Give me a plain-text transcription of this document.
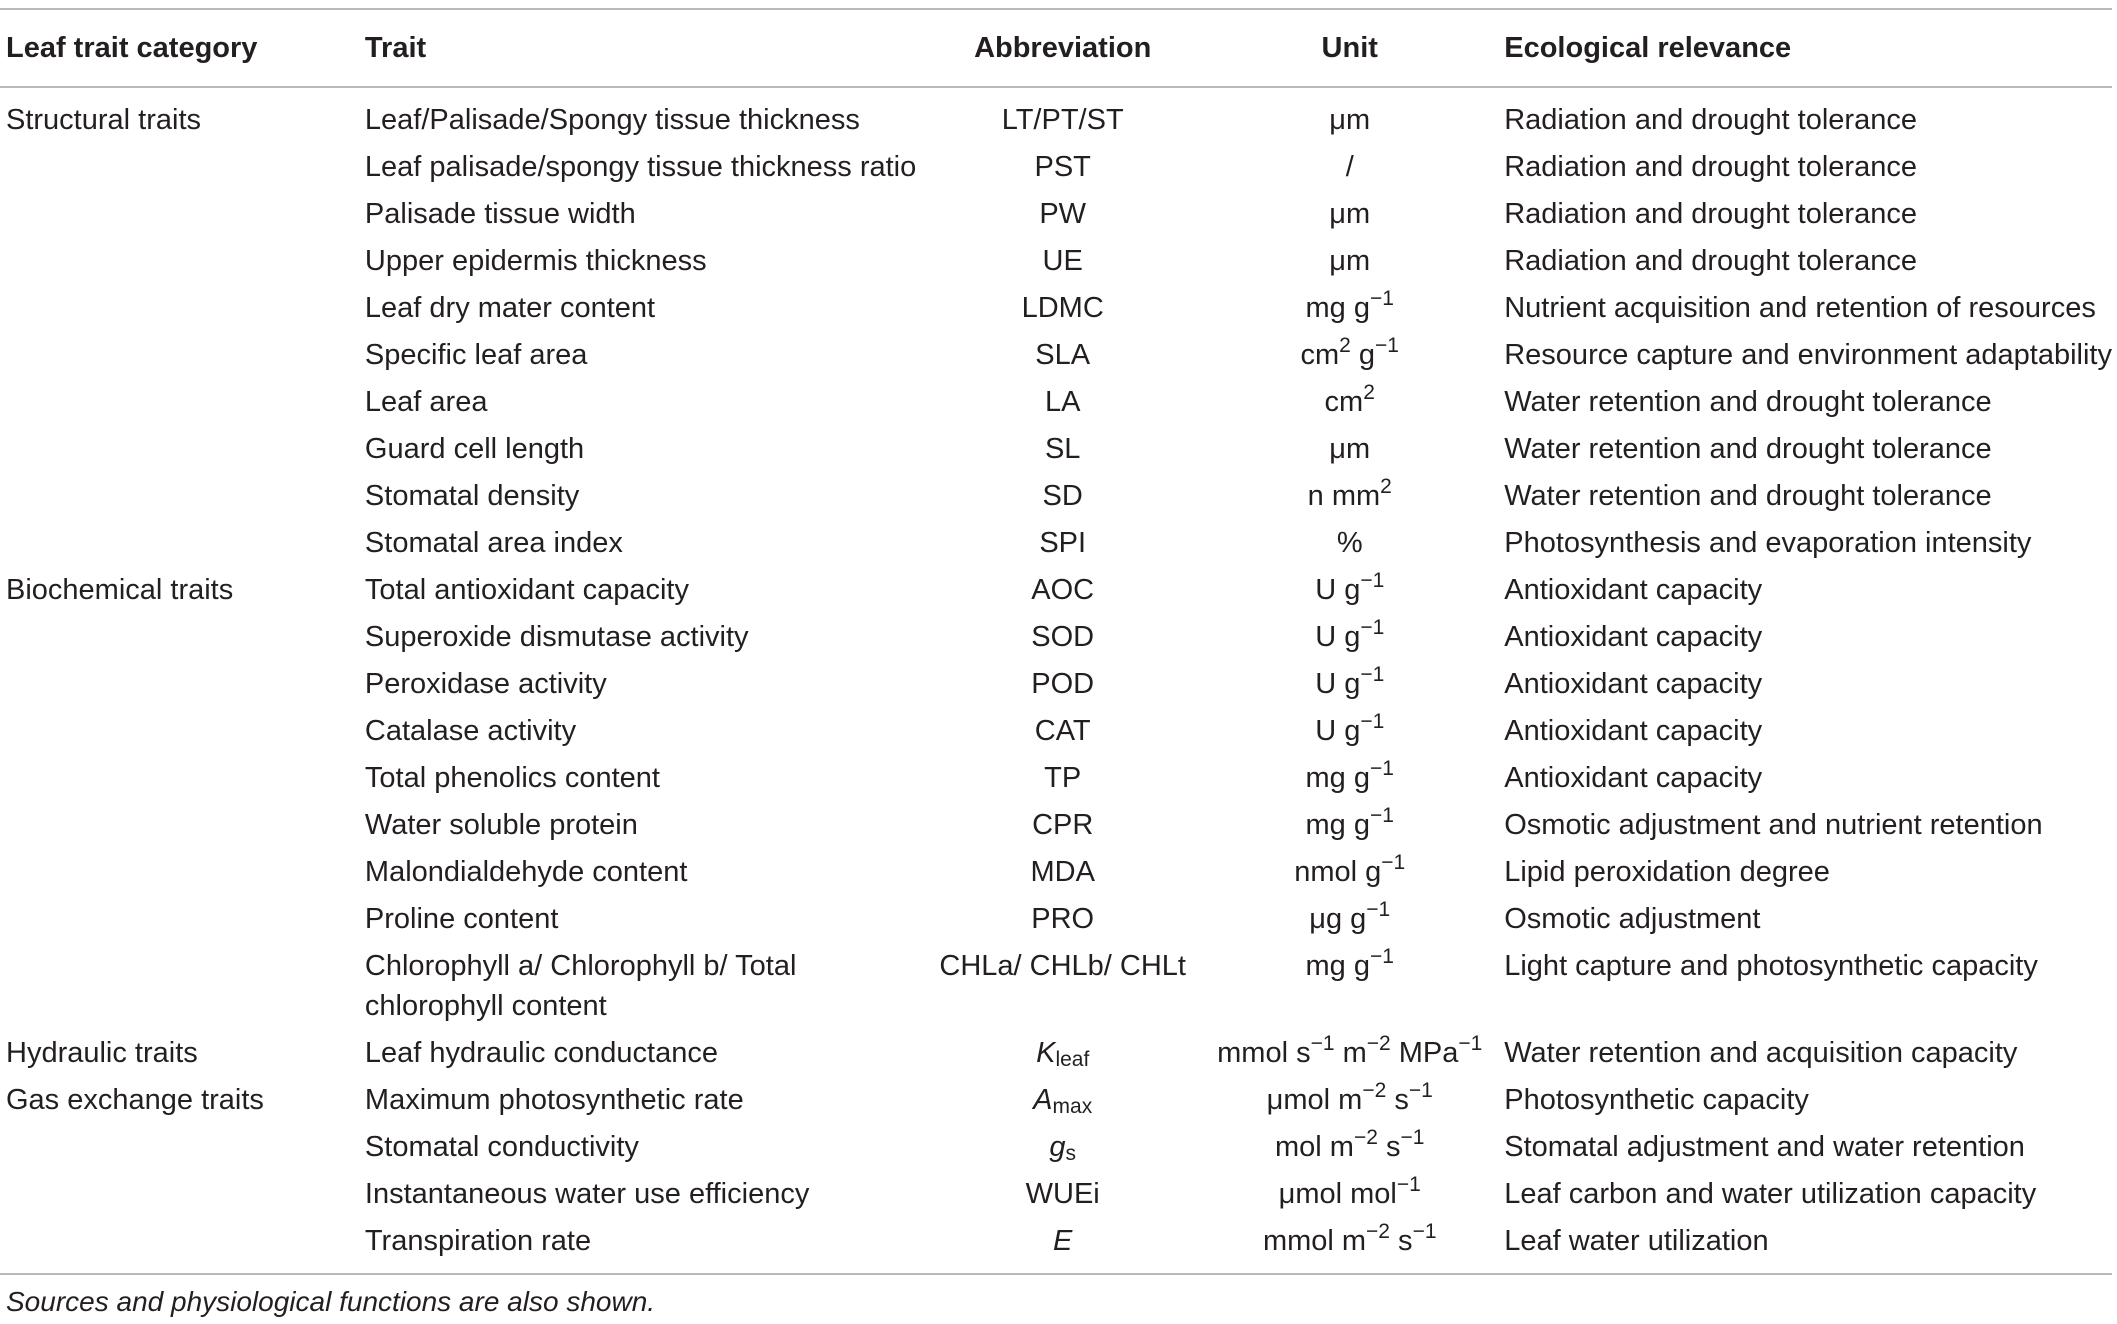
Leaf trait category	Trait	Abbreviation	Unit	Ecological relevance
Structural traits	Leaf/Palisade/Spongy tissue thickness	LT/PT/ST	μm	Radiation and drought tolerance
	Leaf palisade/spongy tissue thickness ratio	PST	/	Radiation and drought tolerance
	Palisade tissue width	PW	μm	Radiation and drought tolerance
	Upper epidermis thickness	UE	μm	Radiation and drought tolerance
	Leaf dry mater content	LDMC	mg $g^{-1}$	Nutrient acquisition and retention of resources
	Specific leaf area	SLA	$cm^2$ $g^{-1}$	Resource capture and environment adaptability
	Leaf area	LA	$cm^2$	Water retention and drought tolerance
	Guard cell length	SL	μm	Water retention and drought tolerance
	Stomatal density	SD	n $mm^2$	Water retention and drought tolerance
	Stomatal area index	SPI	%	Photosynthesis and evaporation intensity
Biochemical traits	Total antioxidant capacity	AOC	U $g^{-1}$	Antioxidant capacity
	Superoxide dismutase activity	SOD	U $g^{-1}$	Antioxidant capacity
	Peroxidase activity	POD	U $g^{-1}$	Antioxidant capacity
	Catalase activity	CAT	U $g^{-1}$	Antioxidant capacity
	Total phenolics content	TP	mg $g^{-1}$	Antioxidant capacity
	Water soluble protein	CPR	mg $g^{-1}$	Osmotic adjustment and nutrient retention
	Malondialdehyde content	MDA	nmol $g^{-1}$	Lipid peroxidation degree
	Proline content	PRO	μg $g^{-1}$	Osmotic adjustment
	Chlorophyll a/ Chlorophyll b/ Total chlorophyll content	CHLa/ CHLb/ CHLt	mg $g^{-1}$	Light capture and photosynthetic capacity
Hydraulic traits	Leaf hydraulic conductance	$K_{leaf}$	mmol $s^{-1}$ $m^{-2}$ MPa$^{-1}$	Water retention and acquisition capacity
Gas exchange traits	Maximum photosynthetic rate	$A_{max}$	μmol $m^{-2}$ $s^{-1}$	Photosynthetic capacity
	Stomatal conductivity	$g_s$	mol $m^{-2}$ $s^{-1}$	Stomatal adjustment and water retention
	Instantaneous water use efficiency	WUEi	μmol mol$^{-1}$	Leaf carbon and water utilization capacity
	Transpiration rate	E	mmol $m^{-2}$ $s^{-1}$	Leaf water utilization
Sources and physiological functions are also shown.
